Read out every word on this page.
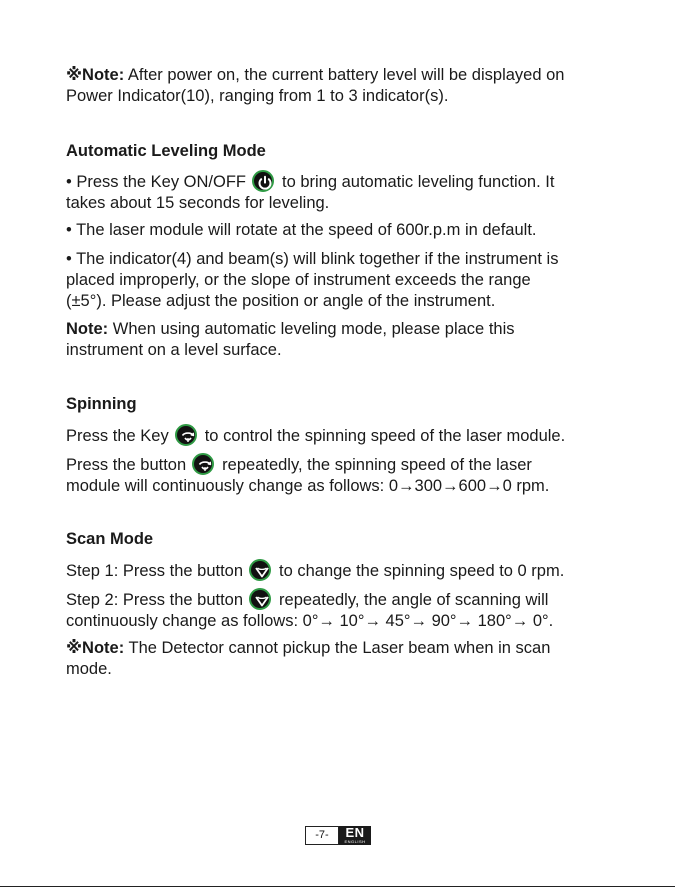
※Note: After power on, the current battery level will be displayed on

Power Indicator(10), ranging from 1 to 3 indicator(s).

Automatic Leveling Mode

• Press the Key ON/OFF to bring automatic leveling function. It

takes about 15 seconds for leveling.

• The laser module will rotate at the speed of 600r.p.m in default.

• The indicator(4) and beam(s) will blink together if the instrument is

placed improperly, or the slope of instrument exceeds the range

(±5°). Please adjust the position or angle of the instrument.

Note: When using automatic leveling mode, please place this

instrument on a level surface.

Spinning

Press the Key to control the spinning speed of the laser module.

Press the button repeatedly, the spinning speed of the laser

module will continuously change as follows: 0→300→600→0 rpm.

Scan Mode

Step 1: Press the button to change the spinning speed to 0 rpm.

Step 2: Press the button repeatedly, the angle of scanning will

continuously change as follows: 0°→ 10°→ 45°→ 90°→ 180°→ 0°.

※Note: The Detector cannot pickup the Laser beam when in scan

mode.

-7-	EN
ENGLISH
